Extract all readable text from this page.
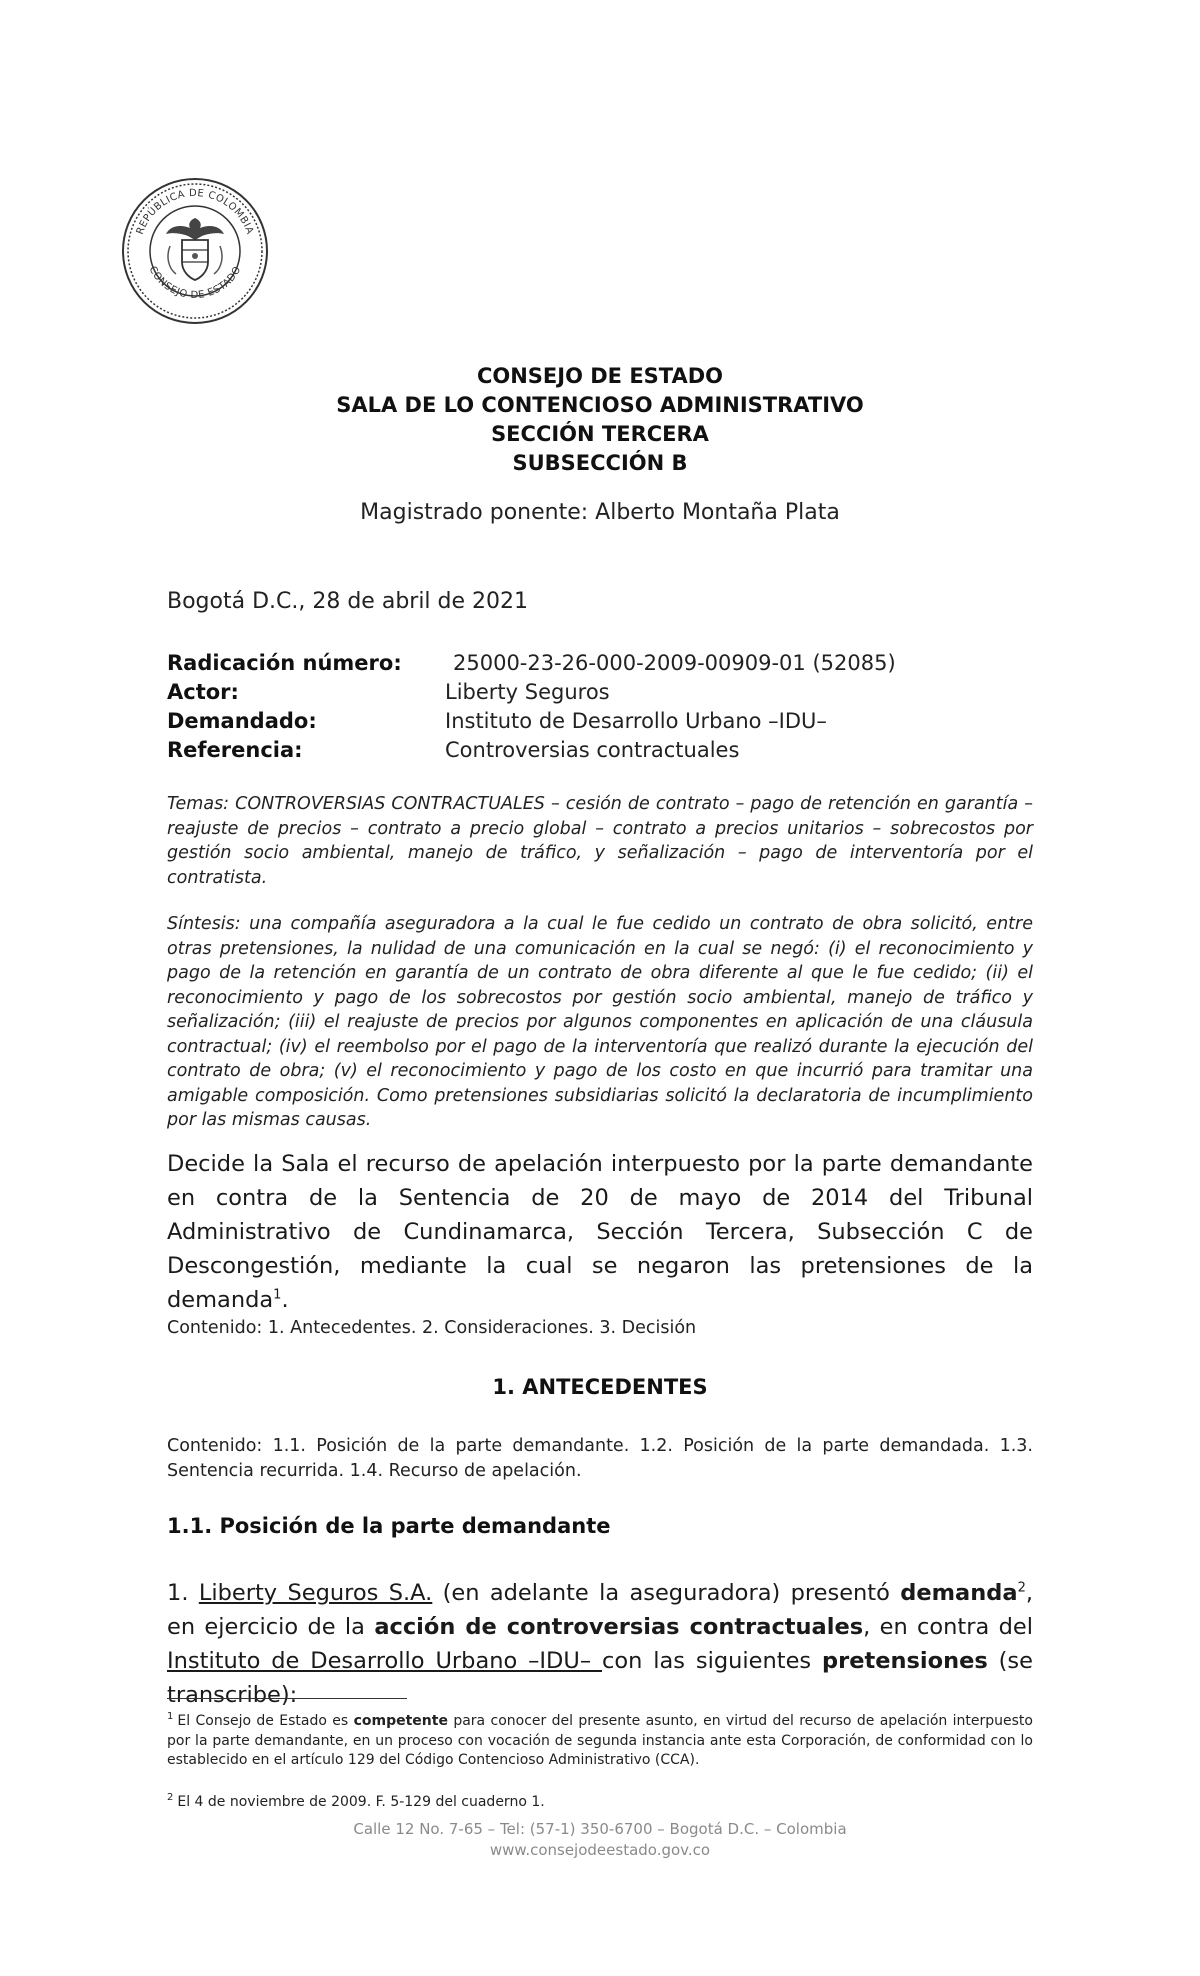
REPÚBLICA DE COLOMBIA
CONSEJO DE ESTADO
CONSEJO DE ESTADO
SALA DE LO CONTENCIOSO ADMINISTRATIVO
SECCIÓN TERCERA
SUBSECCIÓN B
Magistrado ponente: Alberto Montaña Plata
Bogotá D.C., 28 de abril de 2021
Radicación número:	25000-23-26-000-2009-00909-01 (52085)
Actor:	Liberty Seguros
Demandado:	Instituto de Desarrollo Urbano –IDU–
Referencia:	Controversias contractuales
Temas: CONTROVERSIAS CONTRACTUALES – cesión de contrato – pago de retención en garantía – reajuste de precios – contrato a precio global – contrato a precios unitarios – sobrecostos por gestión socio ambiental, manejo de tráfico, y señalización – pago de interventoría por el contratista.
Síntesis: una compañía aseguradora a la cual le fue cedido un contrato de obra solicitó, entre otras pretensiones, la nulidad de una comunicación en la cual se negó: (i) el reconocimiento y pago de la retención en garantía de un contrato de obra diferente al que le fue cedido; (ii) el reconocimiento y pago de los sobrecostos por gestión socio ambiental, manejo de tráfico y señalización; (iii) el reajuste de precios por algunos componentes en aplicación de una cláusula contractual; (iv) el reembolso por el pago de la interventoría que realizó durante la ejecución del contrato de obra; (v) el reconocimiento y pago de los costo en que incurrió para tramitar una amigable composición. Como pretensiones subsidiarias solicitó la declaratoria de incumplimiento por las mismas causas.
Decide la Sala el recurso de apelación interpuesto por la parte demandante en contra de la Sentencia de 20 de mayo de 2014 del Tribunal Administrativo de Cundinamarca, Sección Tercera, Subsección C de Descongestión, mediante la cual se negaron las pretensiones de la demanda$^1$.
Contenido: 1. Antecedentes. 2. Consideraciones. 3. Decisión
1. ANTECEDENTES
Contenido: 1.1. Posición de la parte demandante. 1.2. Posición de la parte demandada. 1.3. Sentencia recurrida. 1.4. Recurso de apelación.
1.1. Posición de la parte demandante
1. Liberty Seguros S.A. (en adelante la aseguradora) presentó demanda$^2$, en ejercicio de la acción de controversias contractuales, en contra del Instituto de Desarrollo Urbano –IDU– con las siguientes pretensiones (se transcribe):
$^1$ El Consejo de Estado es competente para conocer del presente asunto, en virtud del recurso de apelación interpuesto por la parte demandante, en un proceso con vocación de segunda instancia ante esta Corporación, de conformidad con lo establecido en el artículo 129 del Código Contencioso Administrativo (CCA).
$^2$ El 4 de noviembre de 2009. F. 5-129 del cuaderno 1.
Calle 12 No. 7-65 – Tel: (57-1) 350-6700 – Bogotá D.C. – Colombia
www.consejodeestado.gov.co
